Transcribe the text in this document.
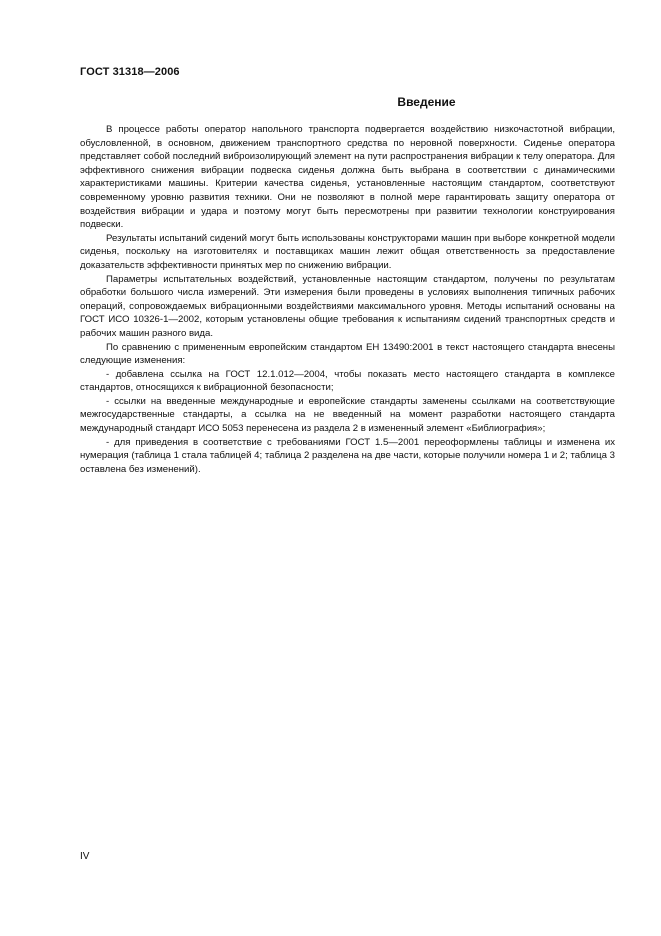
ГОСТ 31318—2006
Введение

В процессе работы оператор напольного транспорта подвергается воздействию низкочастотной вибрации, обусловленной, в основном, движением транспортного средства по неровной поверхности. Сиденье оператора представляет собой последний виброизолирующий элемент на пути распространения вибрации к телу оператора. Для эффективного снижения вибрации подвеска сиденья должна быть выбрана в соответствии с динамическими характеристиками машины. Критерии качества сиденья, установленные настоящим стандартом, соответствуют современному уровню развития техники. Они не позволяют в полной мере гарантировать защиту оператора от воздействия вибрации и удара и поэтому могут быть пересмотрены при развитии технологии конструирования подвески.

Результаты испытаний сидений могут быть использованы конструкторами машин при выборе конкретной модели сиденья, поскольку на изготовителях и поставщиках машин лежит общая ответственность за предоставление доказательств эффективности принятых мер по снижению вибрации.

Параметры испытательных воздействий, установленные настоящим стандартом, получены по результатам обработки большого числа измерений. Эти измерения были проведены в условиях выполнения типичных рабочих операций, сопровождаемых вибрационными воздействиями максимального уровня. Методы испытаний основаны на ГОСТ ИСО 10326-1—2002, которым установлены общие требования к испытаниям сидений транспортных средств и рабочих машин разного вида.

По сравнению с примененным европейским стандартом ЕН 13490:2001 в текст настоящего стандарта внесены следующие изменения:

- добавлена ссылка на ГОСТ 12.1.012—2004, чтобы показать место настоящего стандарта в комплексе стандартов, относящихся к вибрационной безопасности;

- ссылки на введенные международные и европейские стандарты заменены ссылками на соответствующие межгосударственные стандарты, а ссылка на не введенный на момент разработки настоящего стандарта международный стандарт ИСО 5053 перенесена из раздела 2 в измененный элемент «Библиография»;

- для приведения в соответствие с требованиями ГОСТ 1.5—2001 переоформлены таблицы и изменена их нумерация (таблица 1 стала таблицей 4; таблица 2 разделена на две части, которые получили номера 1 и 2; таблица 3 оставлена без изменений).

IV
